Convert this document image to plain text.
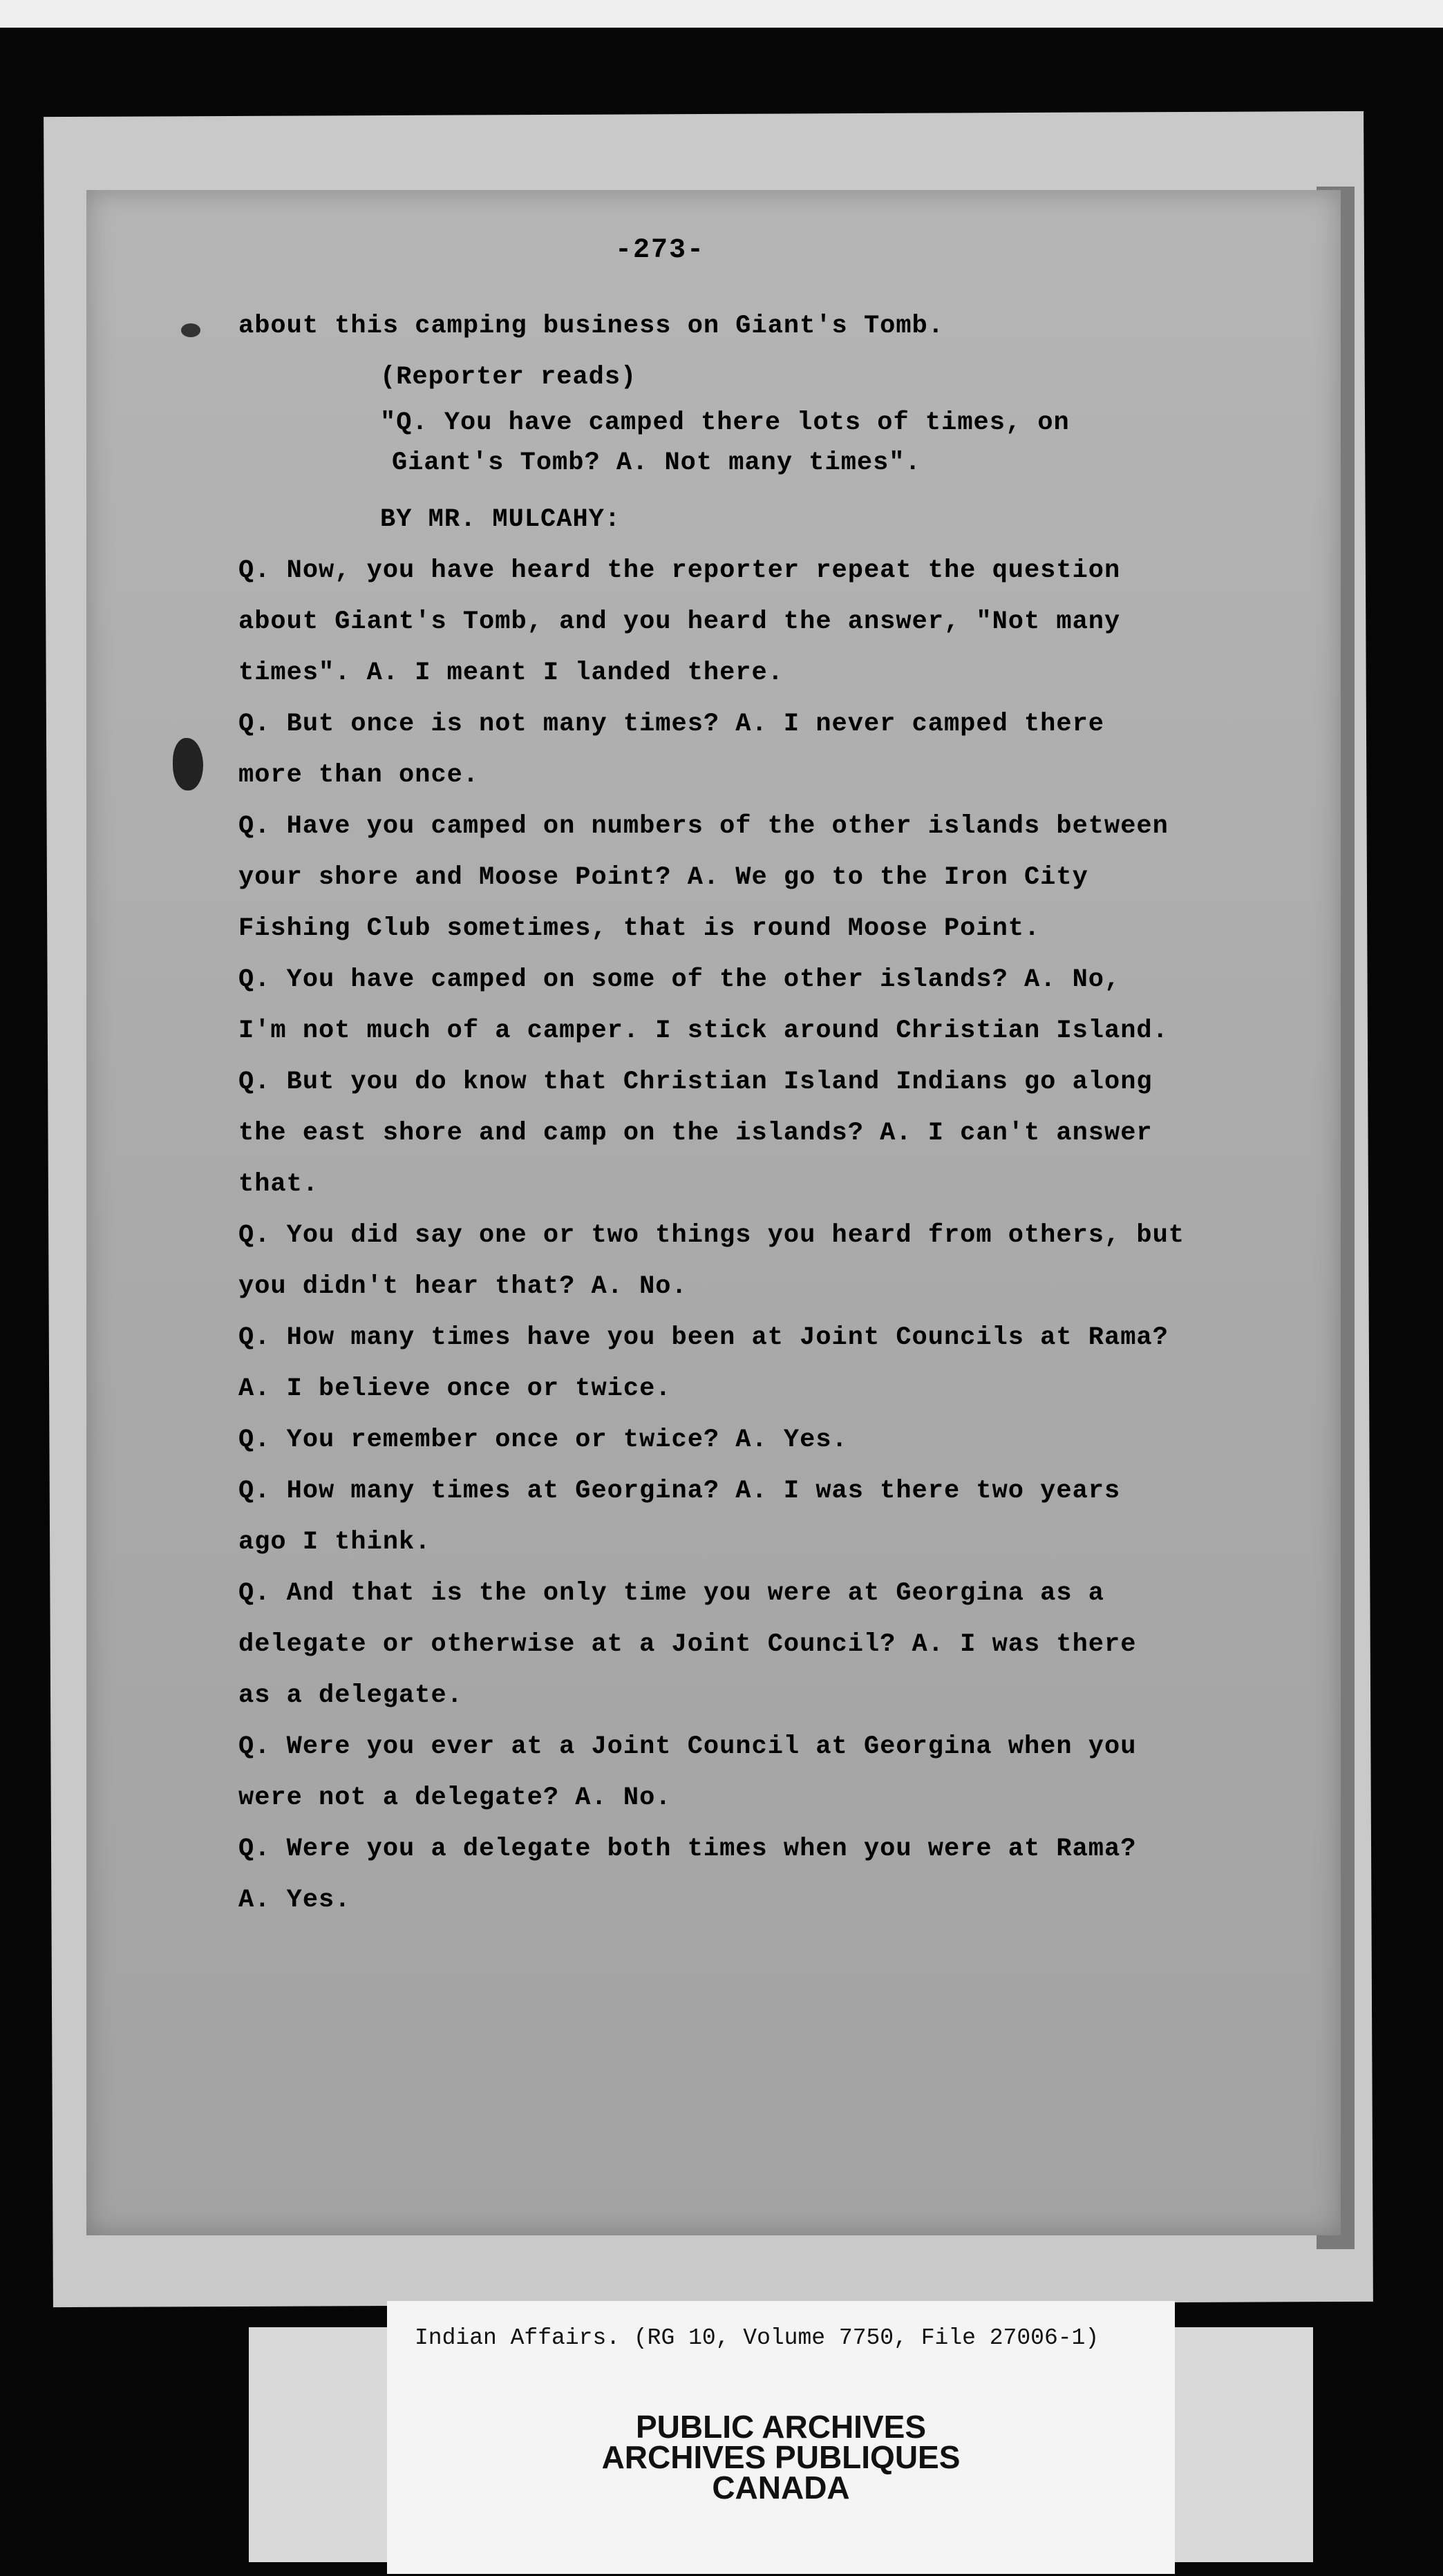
-273-

about this camping business on Giant's Tomb.

(Reporter reads)

"Q. You have camped there lots of times, on

Giant's Tomb? A. Not many times".

BY MR. MULCAHY:

Q. Now, you have heard the reporter repeat the question

about Giant's Tomb, and you heard the answer, "Not many

times". A. I meant I landed there.

Q. But once is not many times? A. I never camped there

more than once.

Q. Have you camped on numbers of the other islands between

your shore and Moose Point? A. We go to the Iron City

Fishing Club sometimes, that is round Moose Point.

Q. You have camped on some of the other islands? A. No,

I'm not much of a camper. I stick around Christian Island.

Q. But you do know that Christian Island Indians go along

the east shore and camp on the islands? A. I can't answer

that.

Q. You did say one or two things you heard from others, but

you didn't hear that? A. No.

Q. How many times have you been at Joint Councils at Rama?

A. I believe once or twice.

Q. You remember once or twice? A. Yes.

Q. How many times at Georgina? A. I was there two years

ago I think.

Q. And that is the only time you were at Georgina as a

delegate or otherwise at a Joint Council? A. I was there

as a delegate.

Q. Were you ever at a Joint Council at Georgina when you

were not a delegate? A. No.

Q. Were you a delegate both times when you were at Rama?

A. Yes.

Indian Affairs. (RG 10, Volume 7750, File 27006-1)
PUBLIC ARCHIVES
ARCHIVES PUBLIQUES
CANADA
